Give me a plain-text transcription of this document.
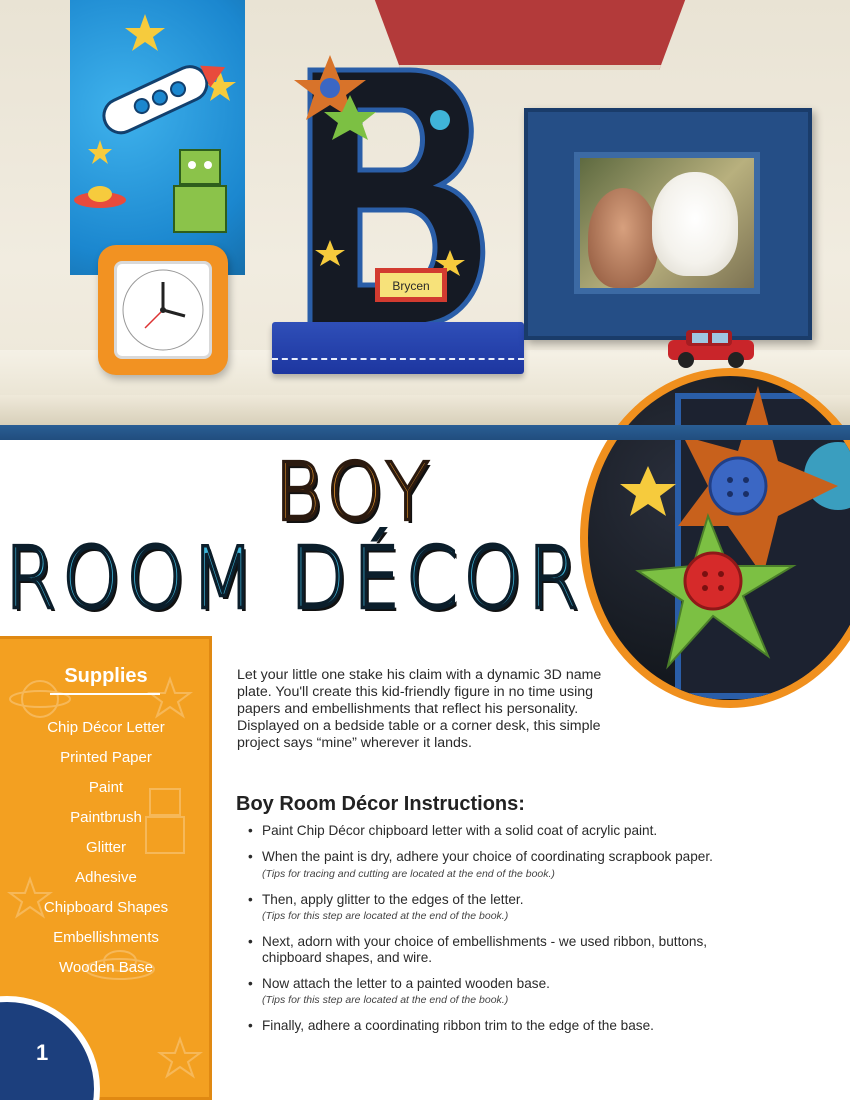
Brycen
BOY
ROOM DÉCOR
Supplies
Chip Décor Letter
Printed Paper
Paint
Paintbrush
Glitter
Adhesive
Chipboard Shapes
Embellishments
Wooden Base
1

Let your little one stake his claim with a dynamic 3D name plate. You'll create this kid-friendly figure in no time using papers and embellishments that reflect his personality. Displayed on a bedside table or a corner desk, this simple project says “mine” wherever it lands.

Boy Room Décor Instructions:
• Paint Chip Décor chipboard letter with a solid coat of acrylic paint.
• When the paint is dry, adhere your choice of coordinating scrapbook paper. (Tips for tracing and cutting are located at the end of the book.)
• Then, apply glitter to the edges of the letter.
(Tips for this step are located at the end of the book.)
• Next, adorn with your choice of embellishments - we used ribbon, buttons, chipboard shapes, and wire.
• Now attach the letter to a painted wooden base.
(Tips for this step are located at the end of the book.)
• Finally, adhere a coordinating ribbon trim to the edge of the base.
